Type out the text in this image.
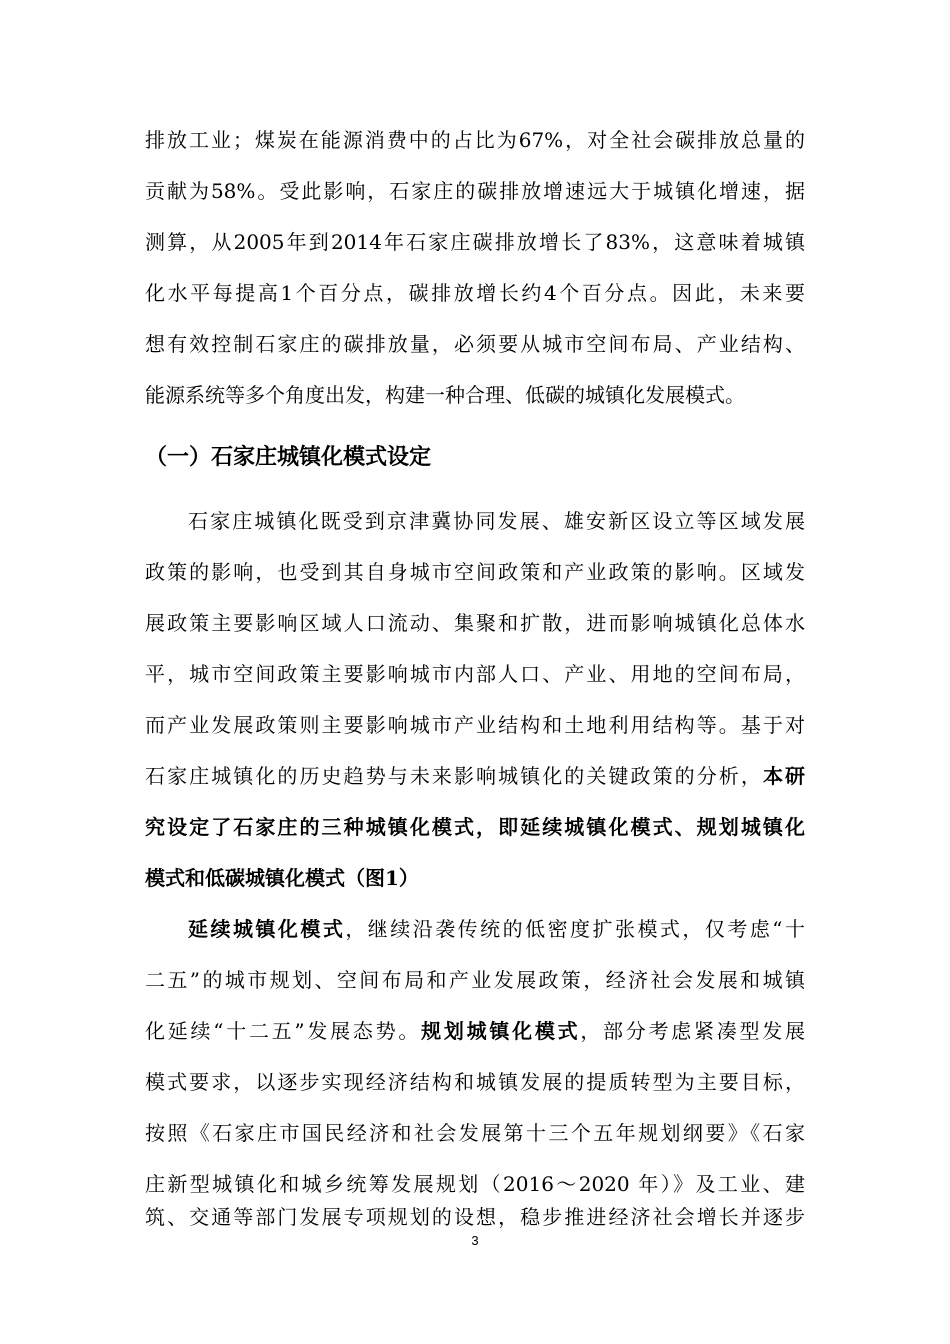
排放工业；煤炭在能源消费中的占比为67%，对全社会碳排放总量的
贡献为58%。受此影响，石家庄的碳排放增速远大于城镇化增速，据
测算，从2005年到2014年石家庄碳排放增长了83%，这意味着城镇
化水平每提高1个百分点，碳排放增长约4个百分点。因此，未来要
想有效控制石家庄的碳排放量，必须要从城市空间布局、产业结构、
能源系统等多个角度出发，构建一种合理、低碳的城镇化发展模式。
（一）石家庄城镇化模式设定
石家庄城镇化既受到京津冀协同发展、雄安新区设立等区域发展
政策的影响，也受到其自身城市空间政策和产业政策的影响。区域发
展政策主要影响区域人口流动、集聚和扩散，进而影响城镇化总体水
平，城市空间政策主要影响城市内部人口、产业、用地的空间布局，
而产业发展政策则主要影响城市产业结构和土地利用结构等。基于对
石家庄城镇化的历史趋势与未来影响城镇化的关键政策的分析，本研
究设定了石家庄的三种城镇化模式，即延续城镇化模式、规划城镇化
模式和低碳城镇化模式（图1）
延续城镇化模式，继续沿袭传统的低密度扩张模式，仅考虑“十
二五”的城市规划、空间布局和产业发展政策，经济社会发展和城镇
化延续“十二五”发展态势。规划城镇化模式，部分考虑紧凑型发展
模式要求，以逐步实现经济结构和城镇发展的提质转型为主要目标，
按照《石家庄市国民经济和社会发展第十三个五年规划纲要》《石家
庄新型城镇化和城乡统筹发展规划（2016～2020 年）》及工业、建
筑、交通等部门发展专项规划的设想，稳步推进经济社会增长并逐步
3
